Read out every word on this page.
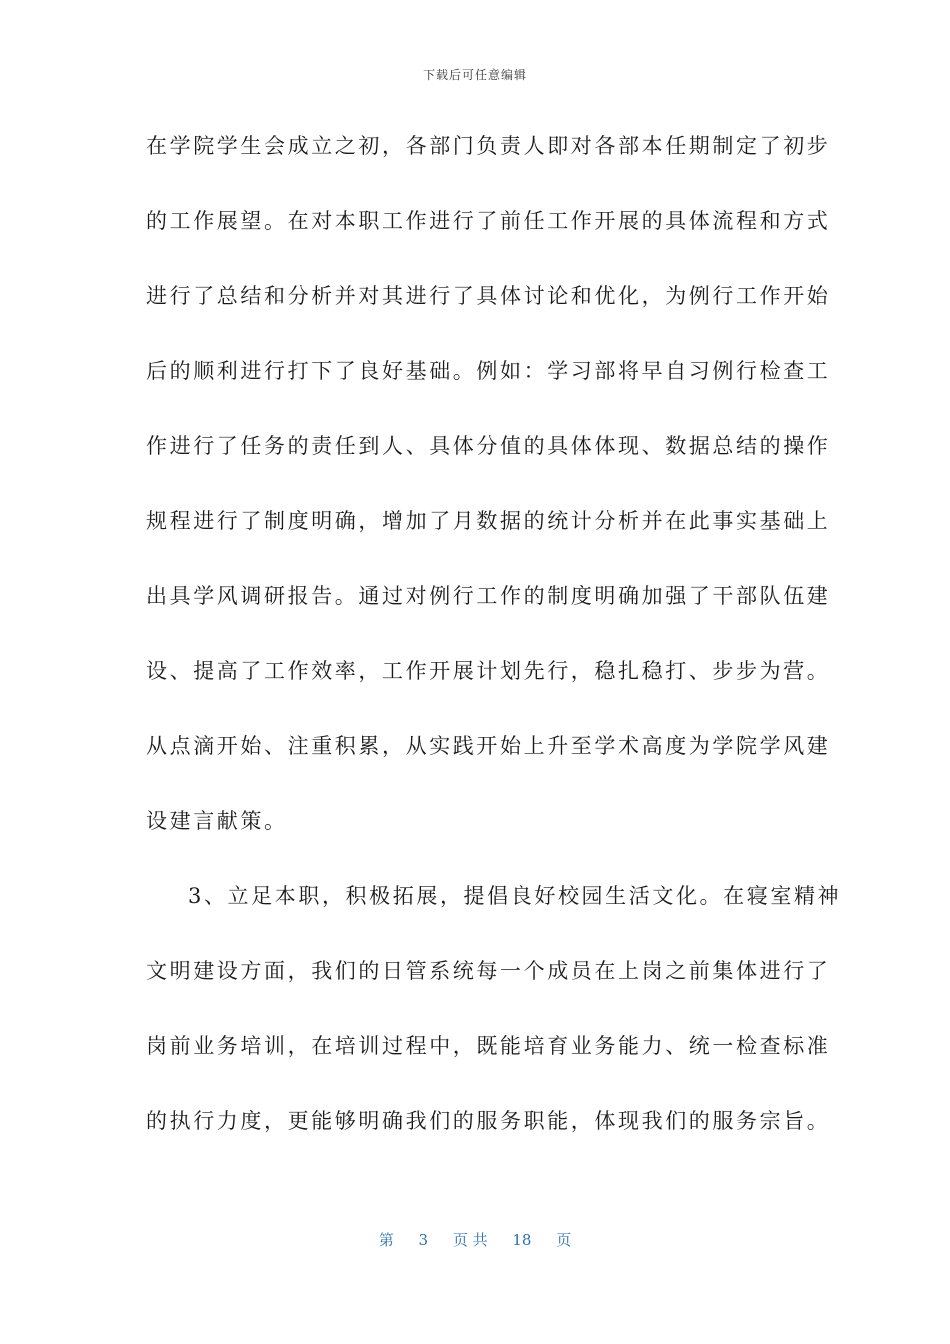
下载后可任意编辑
在学院学生会成立之初，各部门负责人即对各部本任期制定了初步
的工作展望。在对本职工作进行了前任工作开展的具体流程和方式
进行了总结和分析并对其进行了具体讨论和优化，为例行工作开始
后的顺利进行打下了良好基础。例如：学习部将早自习例行检查工
作进行了任务的责任到人、具体分值的具体体现、数据总结的操作
规程进行了制度明确，增加了月数据的统计分析并在此事实基础上
出具学风调研报告。通过对例行工作的制度明确加强了干部队伍建
设、提高了工作效率，工作开展计划先行，稳扎稳打、步步为营。
从点滴开始、注重积累，从实践开始上升至学术高度为学院学风建
设建言献策。
3、立足本职，积极拓展，提倡良好校园生活文化。在寝室精神
文明建设方面，我们的日管系统每一个成员在上岗之前集体进行了
岗前业务培训，在培训过程中，既能培育业务能力、统一检查标准
的执行力度，更能够明确我们的服务职能，体现我们的服务宗旨。
第 3 页 共 18 页
